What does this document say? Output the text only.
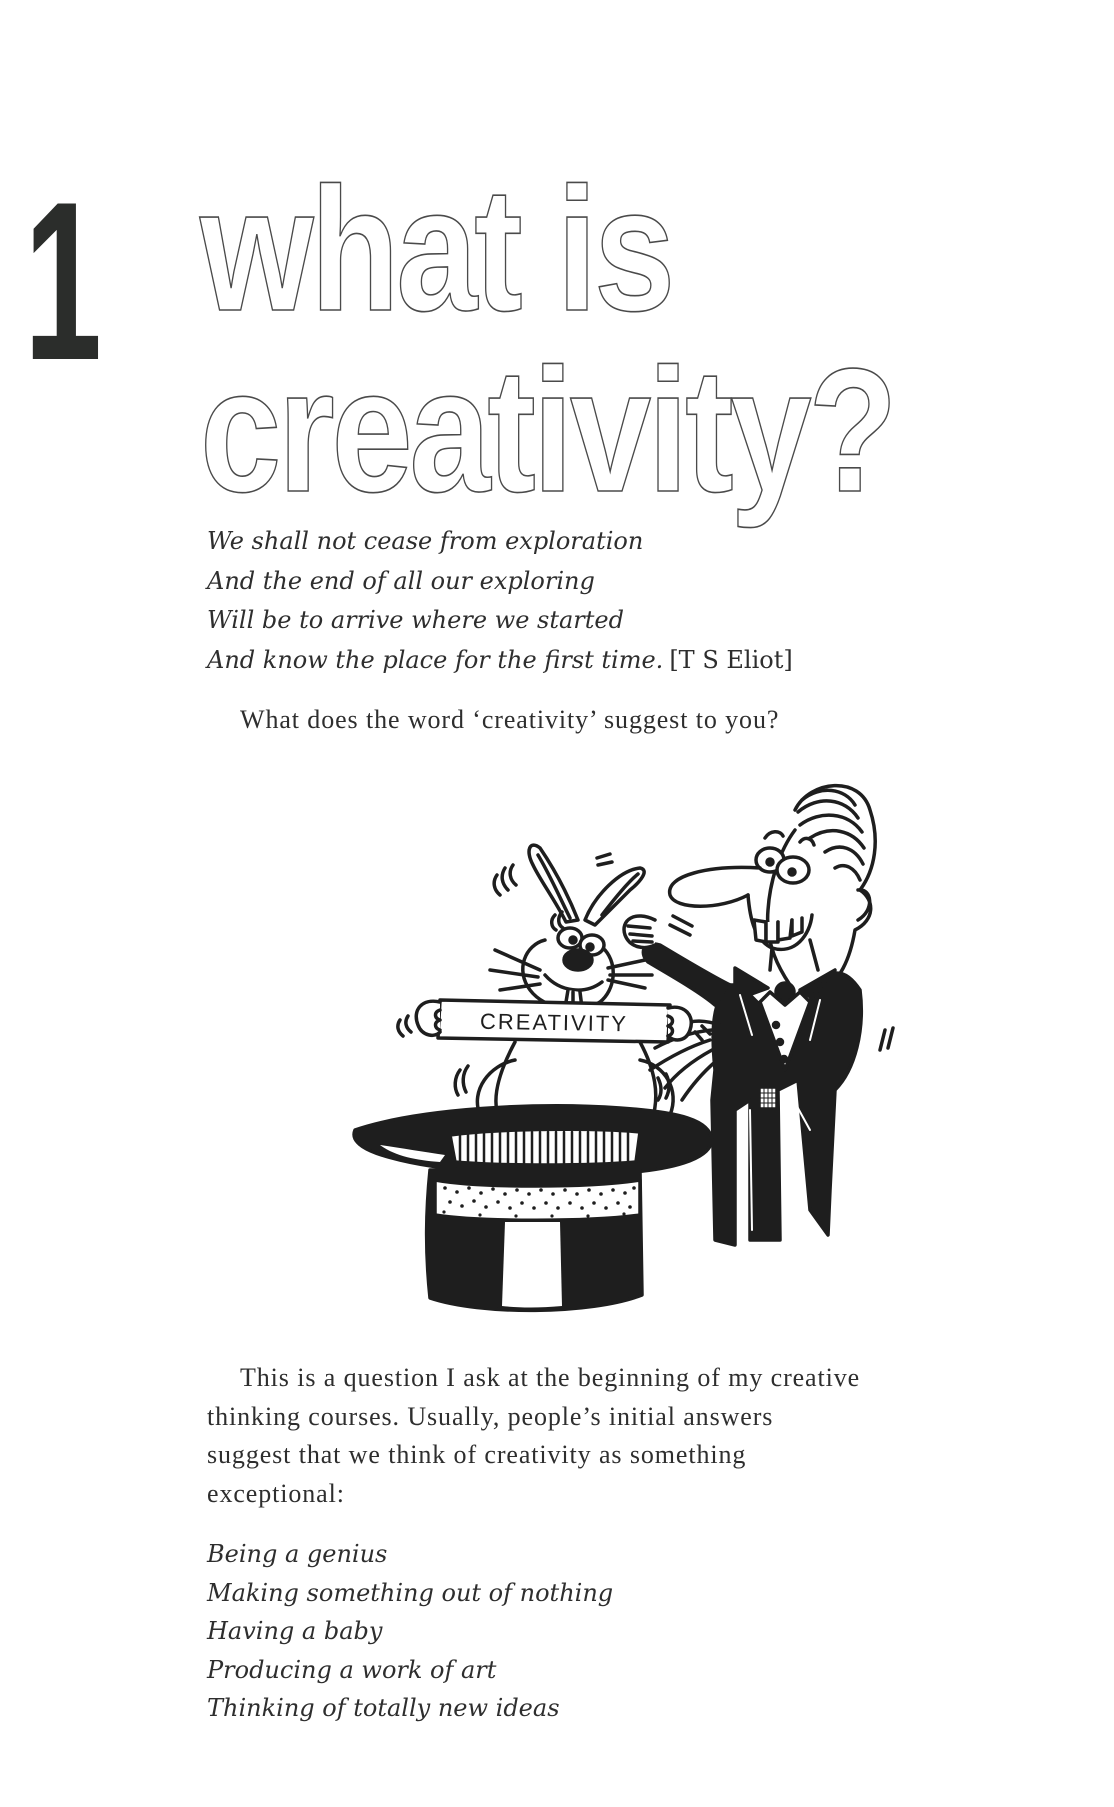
1 what is
creativity?
We shall not cease from exploration
And the end of all our exploring
Will be to arrive where we started
And know the place for the first time. [T S Eliot]

What does the word ‘creativity’ suggest to you?

CREATIVITY

This is a question I ask at the beginning of my creative
thinking courses. Usually, people’s initial answers
suggest that we think of creativity as something
exceptional:

Being a genius
Making something out of nothing
Having a baby
Producing a work of art
Thinking of totally new ideas
